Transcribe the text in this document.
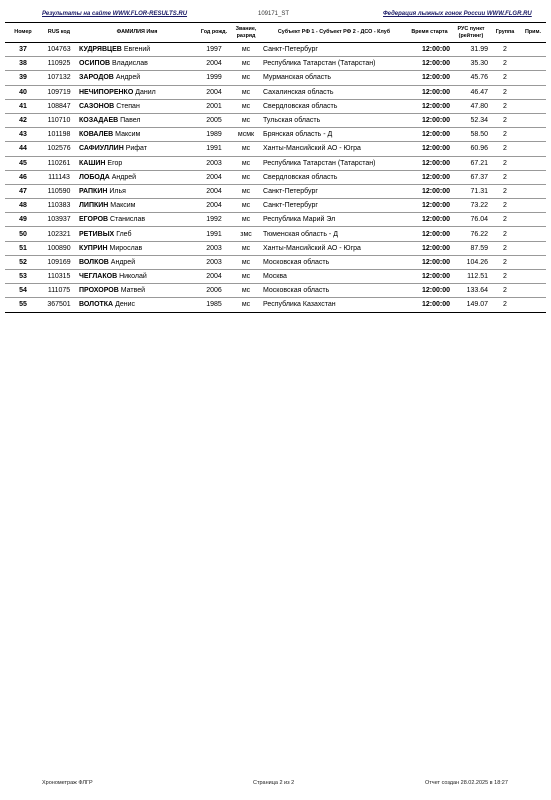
Результаты на сайте WWW.FLOR-RESULTS.RU	109171_ST	Федерация лыжных гонок России WWW.FLGR.RU
Номер	RUS код	ФАМИЛИЯ Имя	Год рожд.	Звание, разряд	Субъект РФ 1 - Субъект РФ 2 - ДСО - Клуб	Время старта	РУС пункт (рейтинг)	Группа	Прим.
37	104763	КУДРЯВЦЕВ Евгений	1997	мс	Санкт-Петербург	12:00:00	31.99	2	
38	110925	ОСИПОВ Владислав	2004	мс	Республика Татарстан (Татарстан)	12:00:00	35.30	2	
39	107132	ЗАРОДОВ Андрей	1999	мс	Мурманская область	12:00:00	45.76	2	
40	109719	НЕЧИПОРЕНКО Данил	2004	мс	Сахалинская область	12:00:00	46.47	2	
41	108847	САЗОНОВ Степан	2001	мс	Свердловская область	12:00:00	47.80	2	
42	110710	КОЗАДАЕВ Павел	2005	мс	Тульская область	12:00:00	52.34	2	
43	101198	КОВАЛЕВ Максим	1989	мсмк	Брянская область - Д	12:00:00	58.50	2	
44	102576	САФИУЛЛИН Рифат	1991	мс	Ханты-Мансийский АО - Югра	12:00:00	60.96	2	
45	110261	КАШИН Егор	2003	мс	Республика Татарстан (Татарстан)	12:00:00	67.21	2	
46	111143	ЛОБОДА Андрей	2004	мс	Свердловская область	12:00:00	67.37	2	
47	110590	РАПКИН Илья	2004	мс	Санкт-Петербург	12:00:00	71.31	2	
48	110383	ЛИПКИН Максим	2004	мс	Санкт-Петербург	12:00:00	73.22	2	
49	103937	ЕГОРОВ Станислав	1992	мс	Республика Марий Эл	12:00:00	76.04	2	
50	102321	РЕТИВЫХ Глеб	1991	змс	Тюменская область - Д	12:00:00	76.22	2	
51	100890	КУПРИН Мирослав	2003	мс	Ханты-Мансийский АО - Югра	12:00:00	87.59	2	
52	109169	ВОЛКОВ Андрей	2003	мс	Московская область	12:00:00	104.26	2	
53	110315	ЧЕГЛАКОВ Николай	2004	мс	Москва	12:00:00	112.51	2	
54	111075	ПРОХОРОВ Матвей	2006	мс	Московская область	12:00:00	133.64	2	
55	367501	ВОЛОТКА Денис	1985	мс	Республика Казахстан	12:00:00	149.07	2	
Хронометраж ФЛГР	Страница 2 из 2	Отчет создан 28.02.2025 в 18:27
